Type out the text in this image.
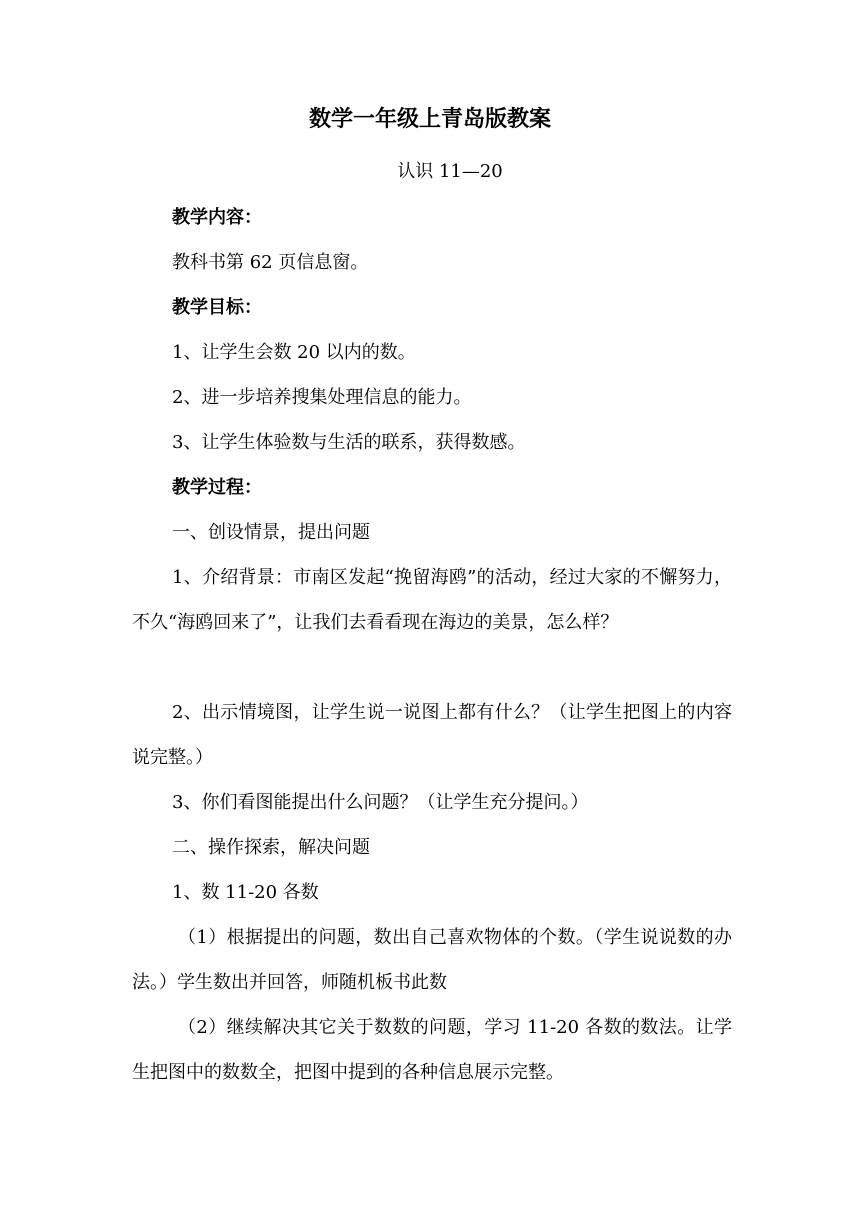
数学一年级上青岛版教案
认识 11—20
教学内容：
教科书第 62 页信息窗。
教学目标：
1、让学生会数 20 以内的数。
2、进一步培养搜集处理信息的能力。
3、让学生体验数与生活的联系，获得数感。
教学过程：
一、创设情景，提出问题
1、介绍背景：市南区发起“挽留海鸥”的活动，经过大家的不懈努力，不久“海鸥回来了”，让我们去看看现在海边的美景，怎么样？
2、出示情境图，让学生说一说图上都有什么？（让学生把图上的内容说完整。）
3、你们看图能提出什么问题？（让学生充分提问。）
二、操作探索，解决问题
1、数 11-20 各数
（1）根据提出的问题，数出自己喜欢物体的个数。（学生说说数的办法。）学生数出并回答，师随机板书此数
（2）继续解决其它关于数数的问题，学习 11-20 各数的数法。让学生把图中的数数全，把图中提到的各种信息展示完整。
